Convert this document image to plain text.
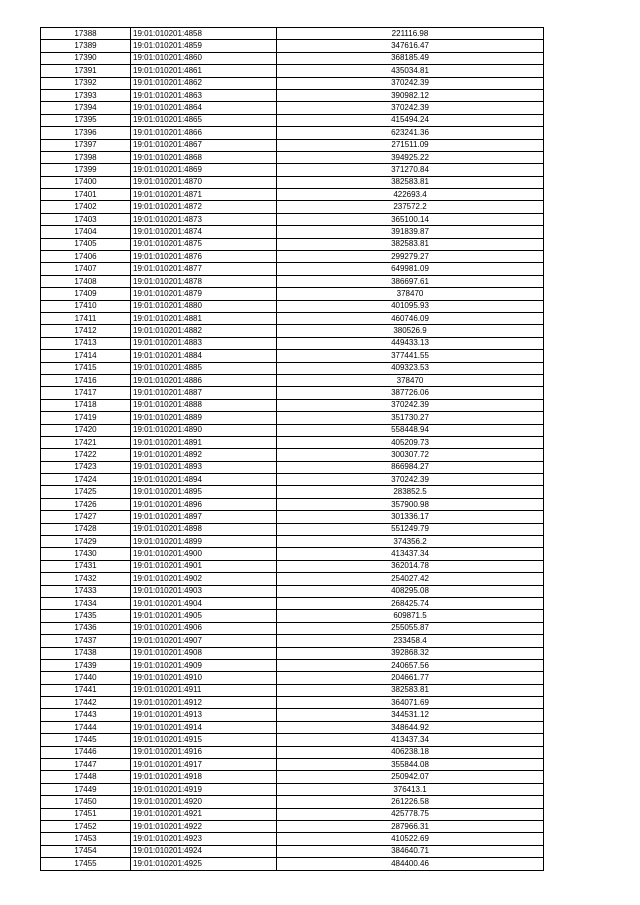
17388	19:01:010201:4858	221116.98
17389	19:01:010201:4859	347616.47
17390	19:01:010201:4860	368185.49
17391	19:01:010201:4861	435034.81
17392	19:01:010201:4862	370242.39
17393	19:01:010201:4863	390982.12
17394	19:01:010201:4864	370242.39
17395	19:01:010201:4865	415494.24
17396	19:01:010201:4866	623241.36
17397	19:01:010201:4867	271511.09
17398	19:01:010201:4868	394925.22
17399	19:01:010201:4869	371270.84
17400	19:01:010201:4870	382583.81
17401	19:01:010201:4871	422693.4
17402	19:01:010201:4872	237572.2
17403	19:01:010201:4873	365100.14
17404	19:01:010201:4874	391839.87
17405	19:01:010201:4875	382583.81
17406	19:01:010201:4876	299279.27
17407	19:01:010201:4877	649981.09
17408	19:01:010201:4878	386697.61
17409	19:01:010201:4879	378470
17410	19:01:010201:4880	401095.93
17411	19:01:010201:4881	460746.09
17412	19:01:010201:4882	380526.9
17413	19:01:010201:4883	449433.13
17414	19:01:010201:4884	377441.55
17415	19:01:010201:4885	409323.53
17416	19:01:010201:4886	378470
17417	19:01:010201:4887	387726.06
17418	19:01:010201:4888	370242.39
17419	19:01:010201:4889	351730.27
17420	19:01:010201:4890	558448.94
17421	19:01:010201:4891	405209.73
17422	19:01:010201:4892	300307.72
17423	19:01:010201:4893	866984.27
17424	19:01:010201:4894	370242.39
17425	19:01:010201:4895	283852.5
17426	19:01:010201:4896	357900.98
17427	19:01:010201:4897	301336.17
17428	19:01:010201:4898	551249.79
17429	19:01:010201:4899	374356.2
17430	19:01:010201:4900	413437.34
17431	19:01:010201:4901	362014.78
17432	19:01:010201:4902	254027.42
17433	19:01:010201:4903	408295.08
17434	19:01:010201:4904	268425.74
17435	19:01:010201:4905	609871.5
17436	19:01:010201:4906	255055.87
17437	19:01:010201:4907	233458.4
17438	19:01:010201:4908	392868.32
17439	19:01:010201:4909	240657.56
17440	19:01:010201:4910	204661.77
17441	19:01:010201:4911	382583.81
17442	19:01:010201:4912	364071.69
17443	19:01:010201:4913	344531.12
17444	19:01:010201:4914	348644.92
17445	19:01:010201:4915	413437.34
17446	19:01:010201:4916	406238.18
17447	19:01:010201:4917	355844.08
17448	19:01:010201:4918	250942.07
17449	19:01:010201:4919	376413.1
17450	19:01:010201:4920	261226.58
17451	19:01:010201:4921	425778.75
17452	19:01:010201:4922	287966.31
17453	19:01:010201:4923	410522.69
17454	19:01:010201:4924	384640.71
17455	19:01:010201:4925	484400.46
